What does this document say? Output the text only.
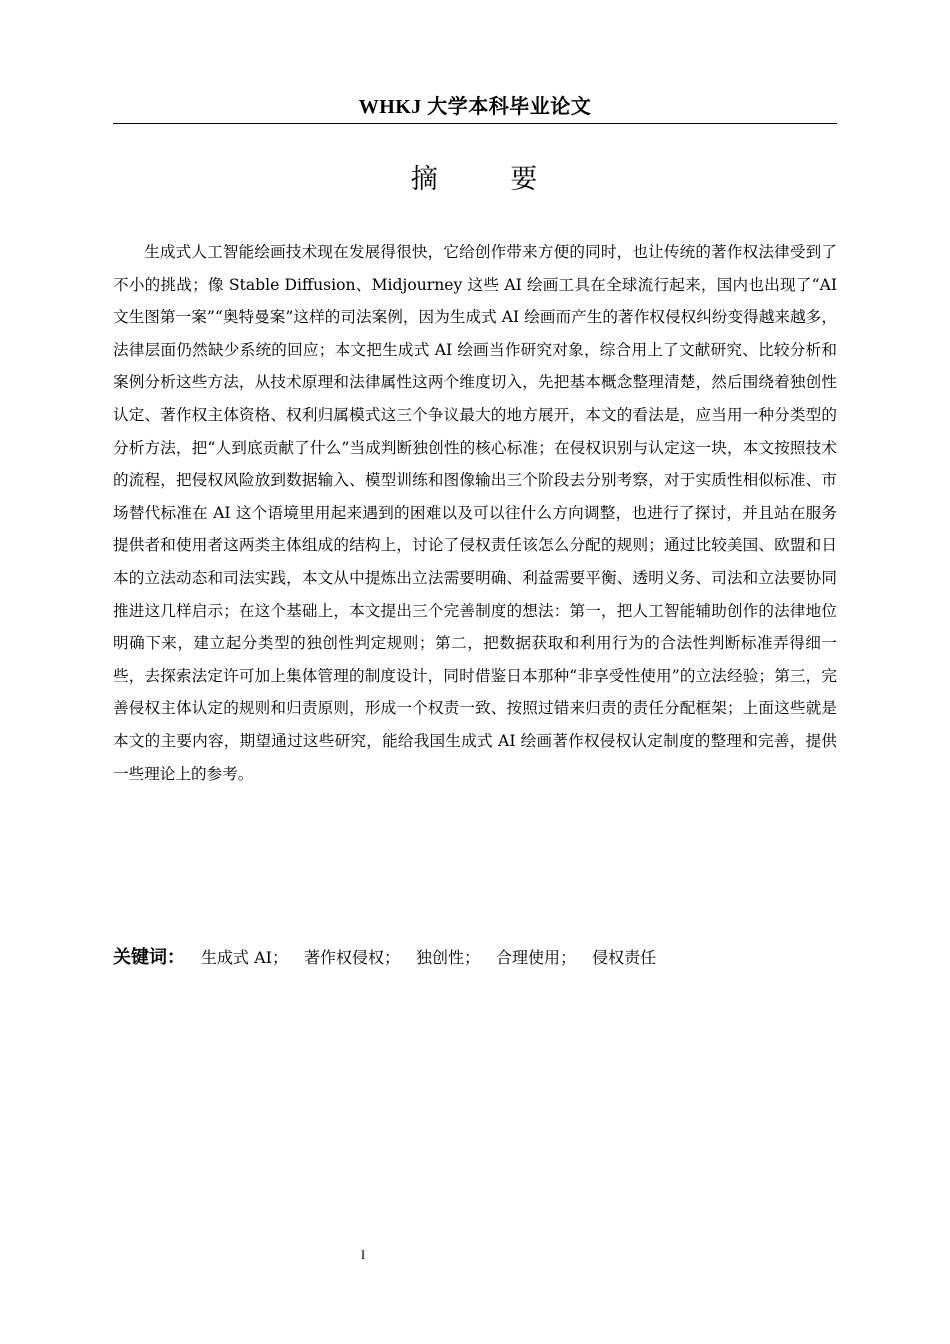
WHKJ 大学本科毕业论文
摘 要

生成式人工智能绘画技术现在发展得很快，它给创作带来方便的同时，也让传统的著作权法律受到了不小的挑战；像 Stable Diffusion、Midjourney 这些 AI 绘画工具在全球流行起来，国内也出现了“AI 文生图第一案”“奥特曼案”这样的司法案例，因为生成式 AI 绘画而产生的著作权侵权纠纷变得越来越多，法律层面仍然缺少系统的回应；本文把生成式 AI 绘画当作研究对象，综合用上了文献研究、比较分析和案例分析这些方法，从技术原理和法律属性这两个维度切入，先把基本概念整理清楚，然后围绕着独创性认定、著作权主体资格、权利归属模式这三个争议最大的地方展开，本文的看法是，应当用一种分类型的分析方法，把“人到底贡献了什么”当成判断独创性的核心标准；在侵权识别与认定这一块，本文按照技术的流程，把侵权风险放到数据输入、模型训练和图像输出三个阶段去分别考察，对于实质性相似标准、市场替代标准在 AI 这个语境里用起来遇到的困难以及可以往什么方向调整，也进行了探讨，并且站在服务提供者和使用者这两类主体组成的结构上，讨论了侵权责任该怎么分配的规则；通过比较美国、欧盟和日本的立法动态和司法实践，本文从中提炼出立法需要明确、利益需要平衡、透明义务、司法和立法要协同推进这几样启示；在这个基础上，本文提出三个完善制度的想法：第一，把人工智能辅助创作的法律地位明确下来，建立起分类型的独创性判定规则；第二，把数据获取和利用行为的合法性判断标准弄得细一些，去探索法定许可加上集体管理的制度设计，同时借鉴日本那种“非享受性使用”的立法经验；第三，完善侵权主体认定的规则和归责原则，形成一个权责一致、按照过错来归责的责任分配框架；上面这些就是本文的主要内容，期望通过这些研究，能给我国生成式 AI 绘画著作权侵权认定制度的整理和完善，提供一些理论上的参考。

关键词： 生成式 AI； 著作权侵权； 独创性； 合理使用； 侵权责任
I
